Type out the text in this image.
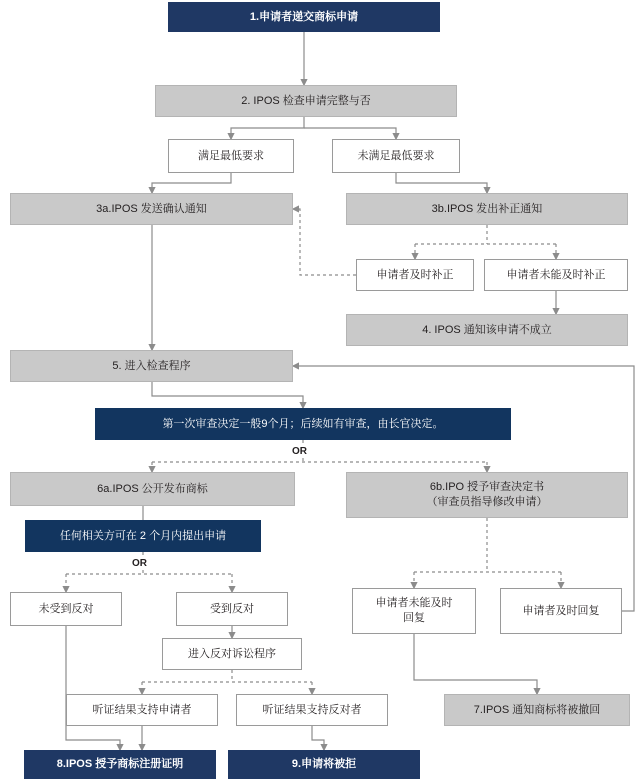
1.申请者递交商标申请
2. IPOS 检查申请完整与否
满足最低要求	未满足最低要求
3a.IPOS 发送确认通知	3b.IPOS 发出补正通知
申请者及时补正	申请者未能及时补正
4. IPOS 通知该申请不成立
5. 进入检查程序
第一次审查决定一般9个月；后续如有审查，由长官决定。
6a.IPOS 公开发布商标	6b.IPO 授予审查决定书
（审查员指导修改申请）
任何相关方可在 2 个月内提出申请
未受到反对	受到反对	申请者未能及时
回复
申请者及时回复
进入反对诉讼程序
听证结果支持申请者	听证结果支持反对者	7.IPOS 通知商标将被撤回
8.IPOS 授予商标注册证明	9.申请将被拒
OR
OR
